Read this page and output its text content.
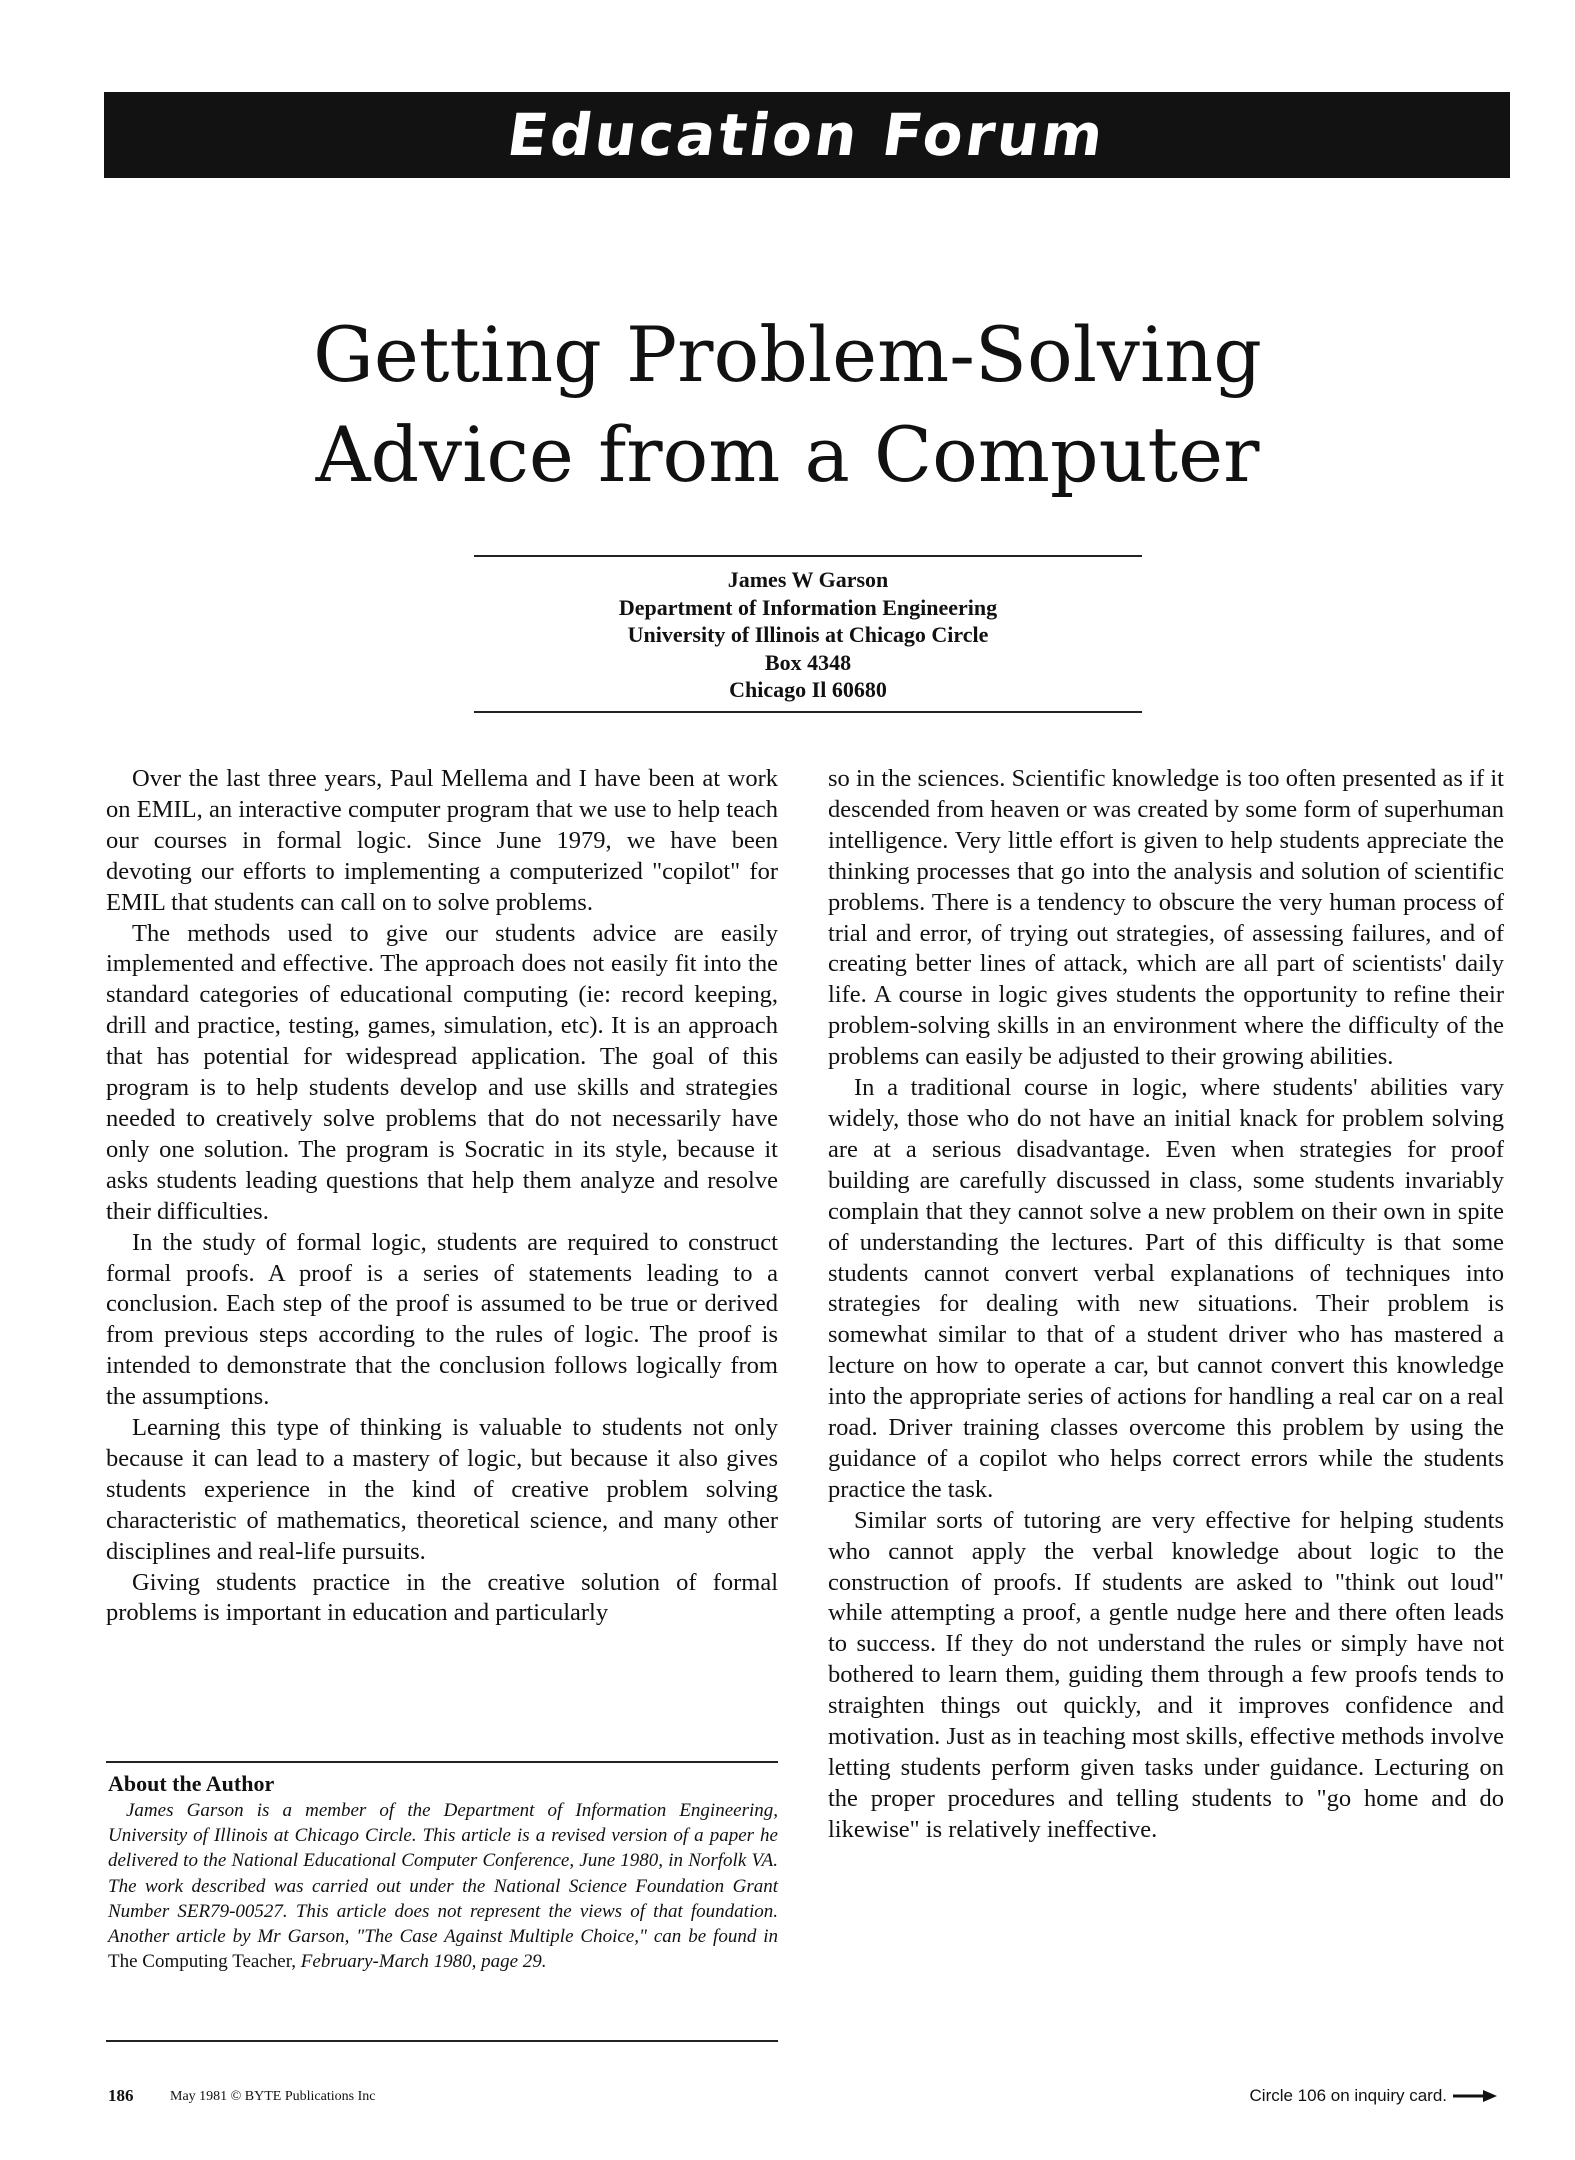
Education Forum
Getting Problem-Solving
Advice from a Computer
James W Garson
Department of Information Engineering
University of Illinois at Chicago Circle
Box 4348
Chicago Il 60680

Over the last three years, Paul Mellema and I have been at work on EMIL, an interactive computer program that we use to help teach our courses in formal logic. Since June 1979, we have been devoting our efforts to implementing a computerized "copilot" for EMIL that students can call on to solve problems.

The methods used to give our students advice are easily implemented and effective. The approach does not easily fit into the standard categories of educational computing (ie: record keeping, drill and practice, testing, games, simulation, etc). It is an approach that has potential for widespread application. The goal of this program is to help students develop and use skills and strategies needed to creatively solve problems that do not necessarily have only one solution. The program is Socratic in its style, because it asks students leading questions that help them analyze and resolve their difficulties.

In the study of formal logic, students are required to construct formal proofs. A proof is a series of statements leading to a conclusion. Each step of the proof is assumed to be true or derived from previous steps according to the rules of logic. The proof is intended to demonstrate that the conclusion follows logically from the assumptions.

Learning this type of thinking is valuable to students not only because it can lead to a mastery of logic, but because it also gives students experience in the kind of creative problem solving characteristic of mathematics, theoretical science, and many other disciplines and real-life pursuits.

Giving students practice in the creative solution of formal problems is important in education and particularly

so in the sciences. Scientific knowledge is too often presented as if it descended from heaven or was created by some form of superhuman intelligence. Very little effort is given to help students appreciate the thinking processes that go into the analysis and solution of scientific problems. There is a tendency to obscure the very human process of trial and error, of trying out strategies, of assessing failures, and of creating better lines of attack, which are all part of scientists' daily life. A course in logic gives students the opportunity to refine their problem-solving skills in an environment where the difficulty of the problems can easily be adjusted to their growing abilities.

In a traditional course in logic, where students' abilities vary widely, those who do not have an initial knack for problem solving are at a serious disadvantage. Even when strategies for proof building are carefully discussed in class, some students invariably complain that they cannot solve a new problem on their own in spite of understanding the lectures. Part of this difficulty is that some students cannot convert verbal explanations of techniques into strategies for dealing with new situations. Their problem is somewhat similar to that of a student driver who has mastered a lecture on how to operate a car, but cannot convert this knowledge into the appropriate series of actions for handling a real car on a real road. Driver training classes overcome this problem by using the guidance of a copilot who helps correct errors while the students practice the task.

Similar sorts of tutoring are very effective for helping students who cannot apply the verbal knowledge about logic to the construction of proofs. If students are asked to "think out loud" while attempting a proof, a gentle nudge here and there often leads to success. If they do not understand the rules or simply have not bothered to learn them, guiding them through a few proofs tends to straighten things out quickly, and it improves confidence and motivation. Just as in teaching most skills, effective methods involve letting students perform given tasks under guidance. Lecturing on the proper procedures and telling students to "go home and do likewise" is relatively ineffective.

About the Author

James Garson is a member of the Department of Information Engineering, University of Illinois at Chicago Circle. This article is a revised version of a paper he delivered to the National Educational Computer Conference, June 1980, in Norfolk VA. The work described was carried out under the National Science Foundation Grant Number SER79-00527. This article does not represent the views of that foundation. Another article by Mr Garson, "The Case Against Multiple Choice," can be found in The Computing Teacher, February-March 1980, page 29.

186	May 1981 © BYTE Publications Inc	Circle 106 on inquiry card.
